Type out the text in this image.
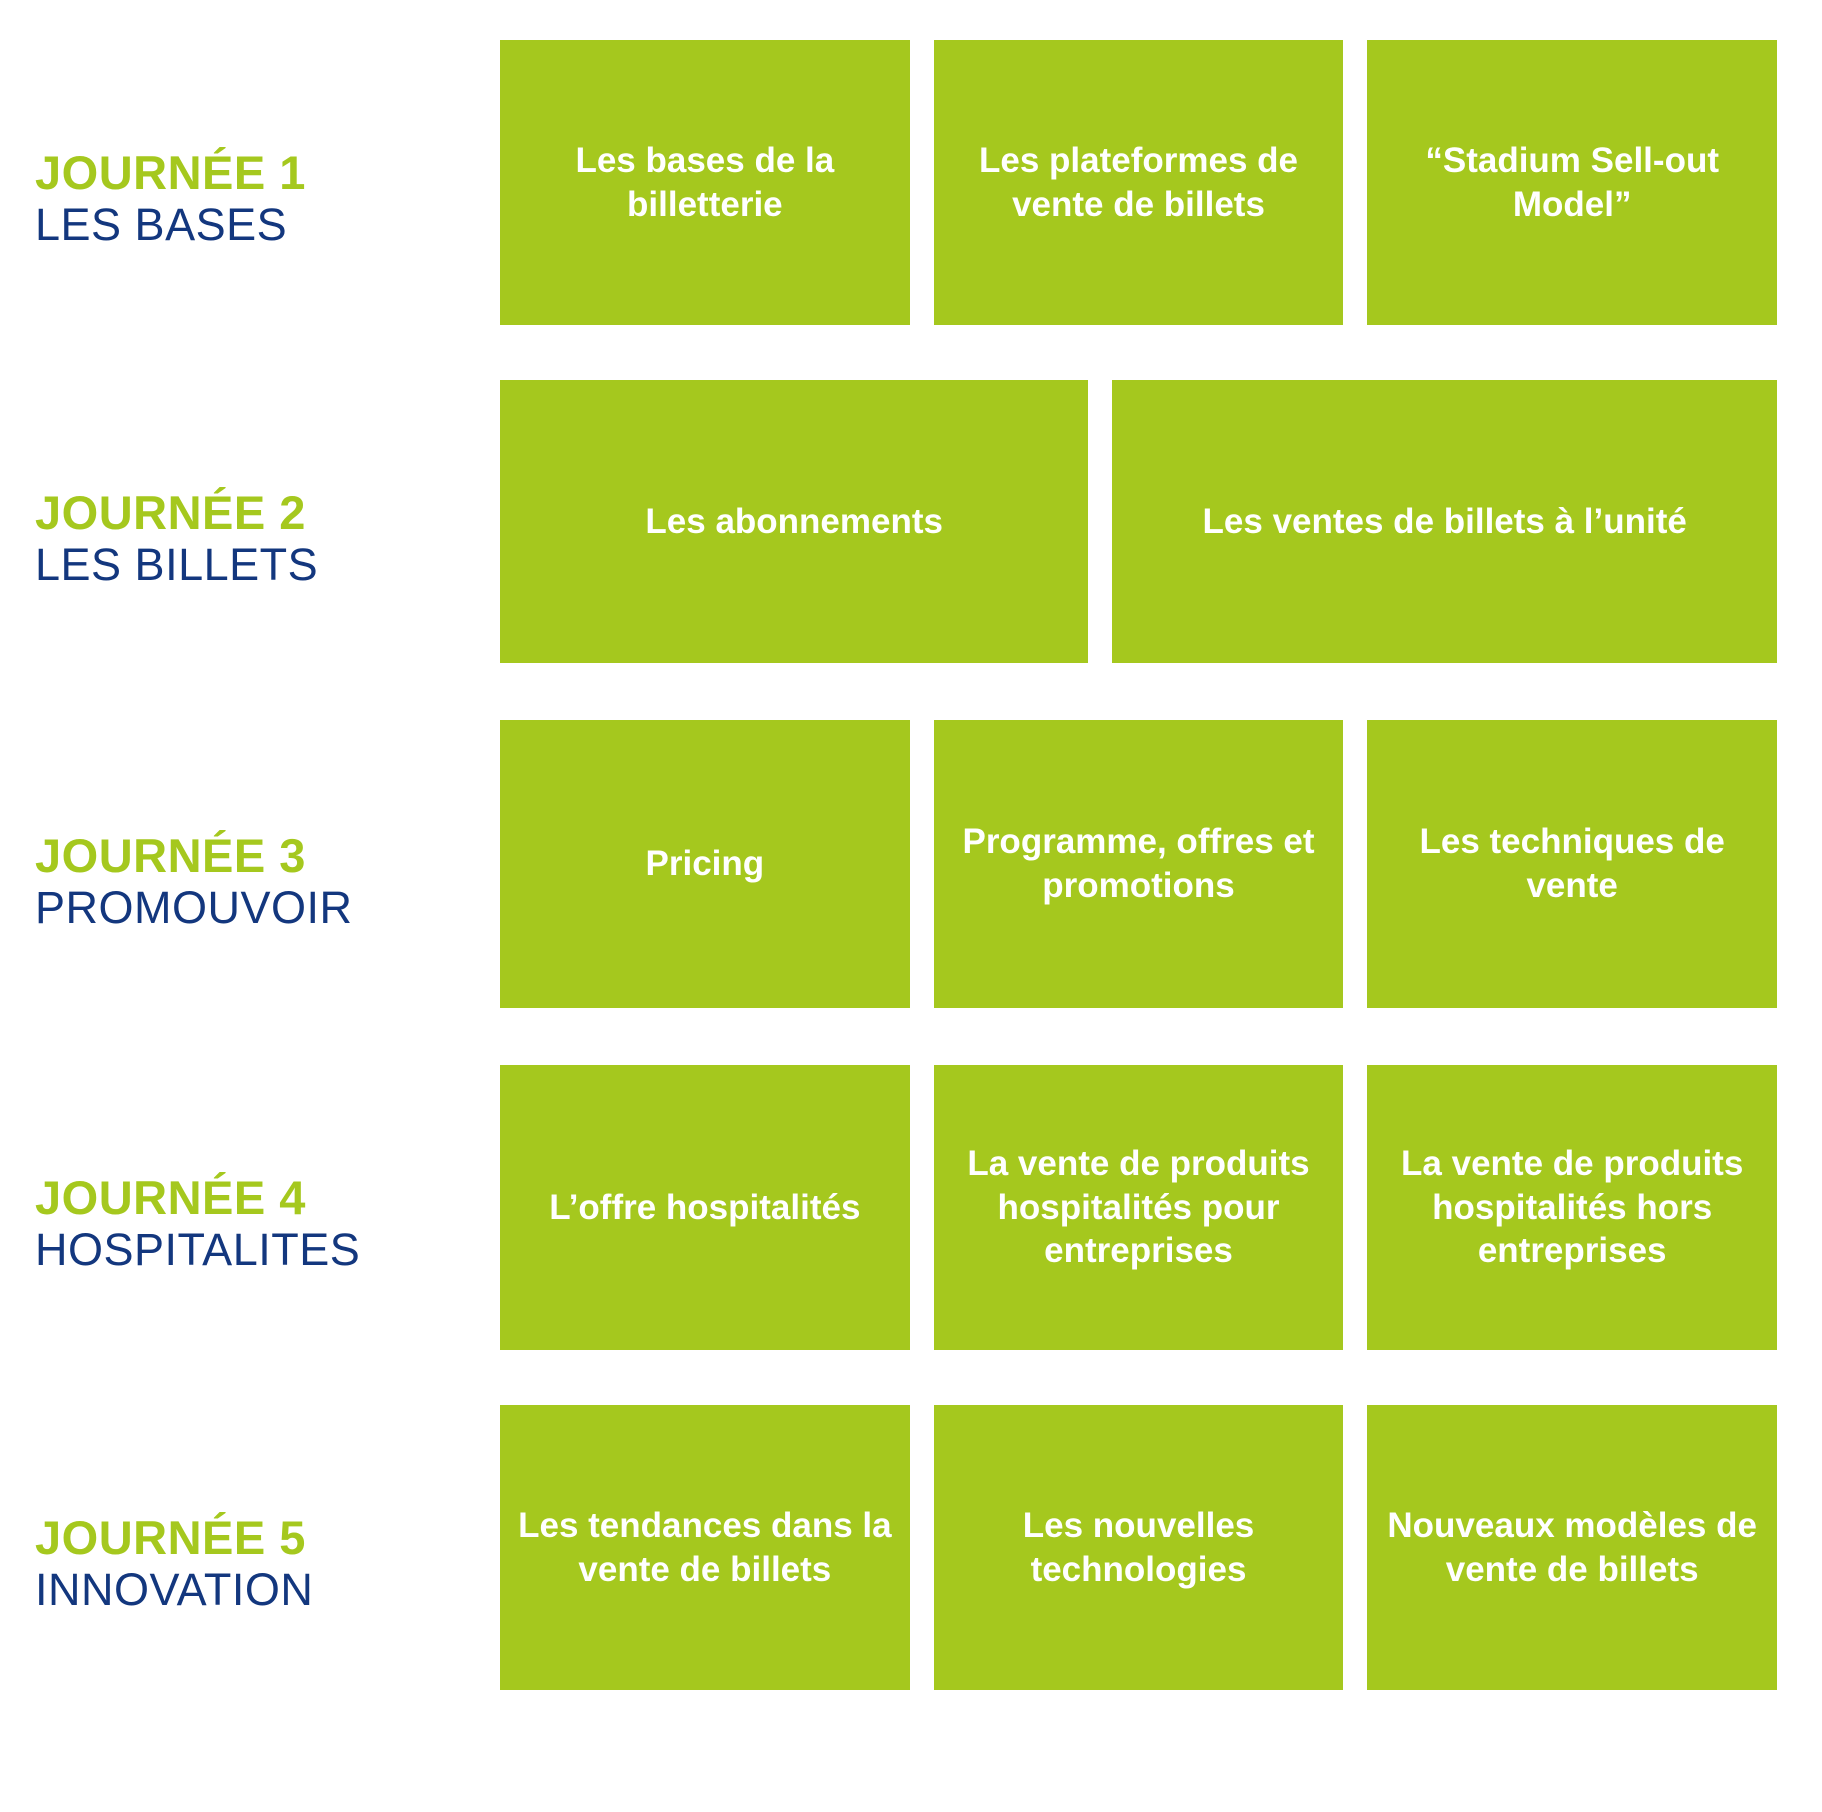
JOURNÉE 1
LES BASES
Les bases de la billetterie
Les plateformes de vente de billets
“Stadium Sell-out Model”
JOURNÉE 2
LES BILLETS
Les abonnements	Les ventes de billets à l’unité
JOURNÉE 3
PROMOUVOIR
Pricing
Programme, offres et promotions
Les techniques de vente
JOURNÉE 4
HOSPITALITES
L’offre hospitalités
La vente de produits hospitalités pour entreprises
La vente de produits hospitalités hors entreprises
JOURNÉE 5
INNOVATION
Les tendances dans la vente de billets
Les nouvelles technologies
Nouveaux modèles de vente de billets
